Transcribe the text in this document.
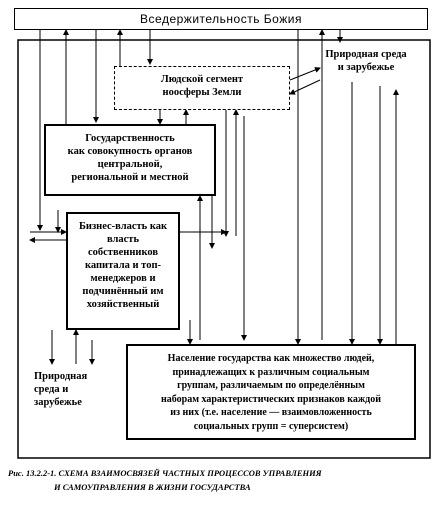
Вседержительность Божия
Людской сегмент
ноосферы Земли
Природная среда
и зарубежье
Государственность
как совокупность органов
центральной,
региональной и местной
Бизнес-власть как
власть
собственников
капитала и топ-
менеджеров и
подчинённый им
хозяйственный
Население государства как множество людей,
принадлежащих к различным социальным
группам, различаемым по определённым
наборам характеристических признаков каждой
из них (т.е. население — взаимовложенность
социальных групп = суперсистем)
Природная
среда и
зарубежье
Рис. 13.2.2-1. СХЕМА ВЗАИМОСВЯЗЕЙ ЧАСТНЫХ ПРОЦЕССОВ УПРАВЛЕНИЯ
И САМОУПРАВЛЕНИЯ В ЖИЗНИ ГОСУДАРСТВА
